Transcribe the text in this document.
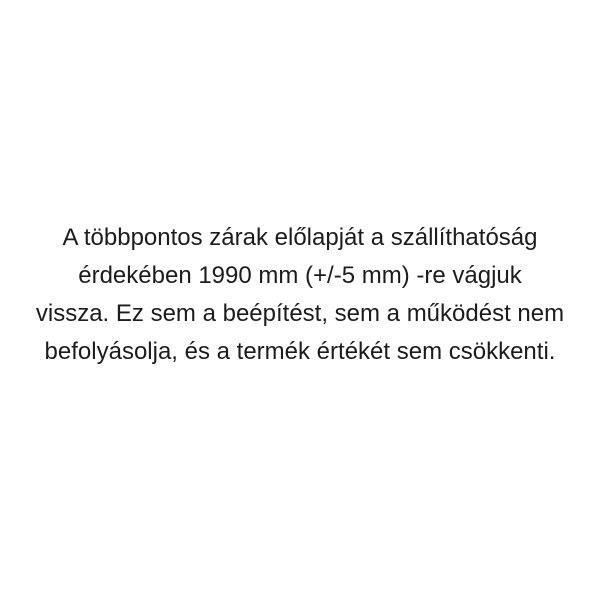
A többpontos zárak előlapját a szállíthatóság
érdekében 1990 mm (+/-5 mm) -re vágjuk
vissza. Ez sem a beépítést, sem a működést nem
befolyásolja, és a termék értékét sem csökkenti.
